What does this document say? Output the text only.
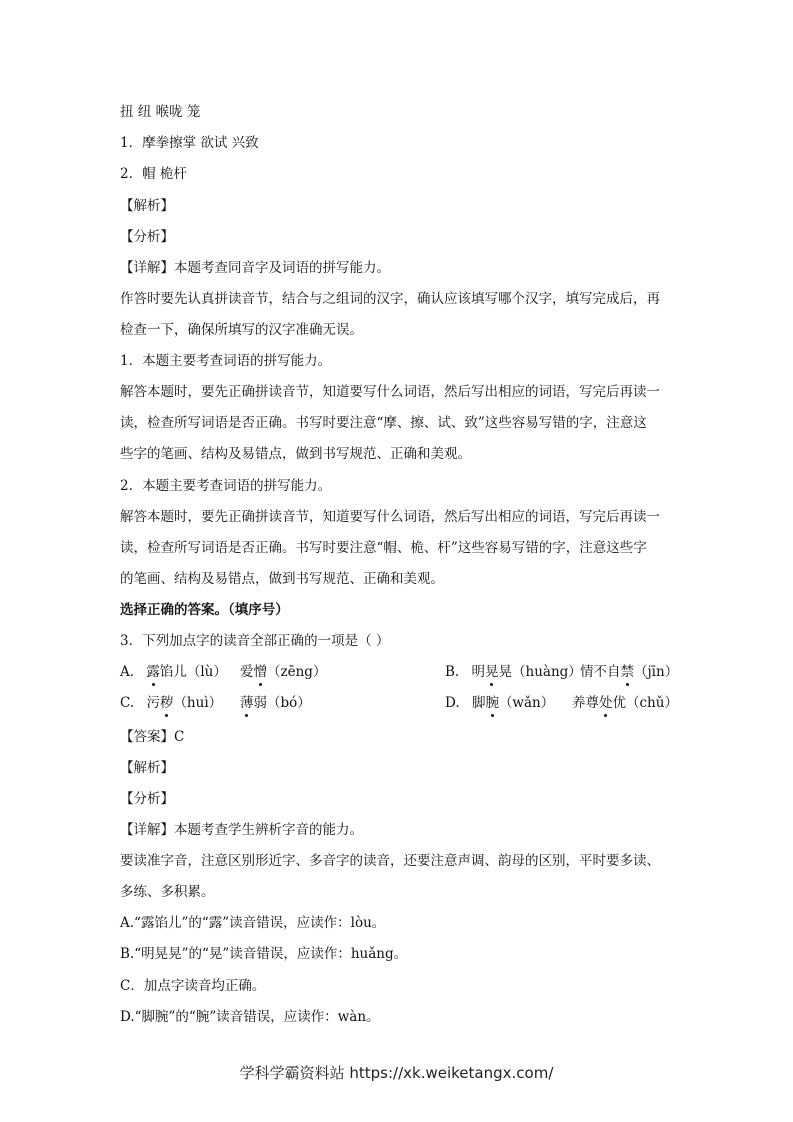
扭 纽 喉咙 笼
1．摩拳擦掌 欲试 兴致
2．帽 桅杆
【解析】
【分析】
【详解】本题考查同音字及词语的拼写能力。
作答时要先认真拼读音节，结合与之组词的汉字，确认应该填写哪个汉字，填写完成后，再
检查一下，确保所填写的汉字准确无误。
1．本题主要考查词语的拼写能力。
解答本题时，要先正确拼读音节，知道要写什么词语，然后写出相应的词语，写完后再读一
读，检查所写词语是否正确。书写时要注意“摩、擦、试、致”这些容易写错的字，注意这
些字的笔画、结构及易错点，做到书写规范、正确和美观。
2．本题主要考查词语的拼写能力。
解答本题时，要先正确拼读音节，知道要写什么词语，然后写出相应的词语，写完后再读一
读，检查所写词语是否正确。书写时要注意“帽、桅、杆”这些容易写错的字，注意这些字
的笔画、结构及易错点，做到书写规范、正确和美观。
选择正确的答案。（填序号）
3．下列加点字的读音全部正确的一项是（ ）
A. 露馅儿（lù） 爱憎（zēng）	B. 明晃晃（huàng）
情不自禁（jīn）
C. 污秽（huì） 薄弱（bó）	D. 脚腕（wǎn） 养尊处优（chǔ）
【答案】C
【解析】
【分析】
【详解】本题考查学生辨析字音的能力。
要读准字音，注意区别形近字、多音字的读音，还要注意声调、韵母的区别，平时要多读、
多练、多积累。
A.“露馅儿”的“露”读音错误，应读作：lòu。
B.“明晃晃”的“晃”读音错误，应读作：huǎng。
C．加点字读音均正确。
D.“脚腕”的“腕”读音错误，应读作：wàn。
学科学霸资料站 https://xk.weiketangx.com/
